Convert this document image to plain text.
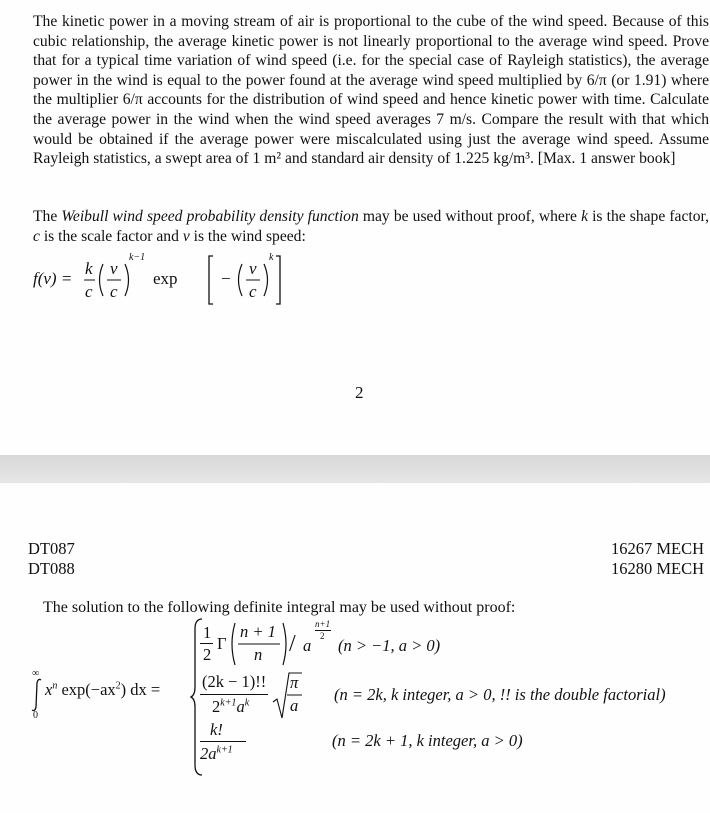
The kinetic power in a moving stream of air is proportional to the cube of the wind speed. Because of this cubic relationship, the average kinetic power is not linearly proportional to the average wind speed. Prove that for a typical time variation of wind speed (i.e. for the special case of Rayleigh statistics), the average power in the wind is equal to the power found at the average wind speed multiplied by 6/π (or 1.91) where the multiplier 6/π accounts for the distribution of wind speed and hence kinetic power with time. Calculate the average power in the wind when the wind speed averages 7 m/s. Compare the result with that which would be obtained if the average power were miscalculated using just the average wind speed. Assume Rayleigh statistics, a swept area of 1 m² and standard air density of 1.225 kg/m³. [Max. 1 answer book]

The Weibull wind speed probability density function may be used without proof, where k is the shape factor, c is the scale factor and v is the wind speed:

f(v) =
k
c
v
c
k−1
exp	−
v
c
k
2
DT087
DT088
16267 MECH
16280 MECH
The solution to the following definite integral may be used without proof:
∞
0
$x^n$ $\exp(-ax^2)$ dx =
1
2
Γ
n + 1
n / a
n+1
2 (n > −1, a > 0)
(2k − 1)!!
$2^{k+1}a^k$
π
a
(n = 2k, k integer, a > 0, !! is the double factorial)
k!
$2a^{k+1}$	(n = 2k + 1, k integer, a > 0)
